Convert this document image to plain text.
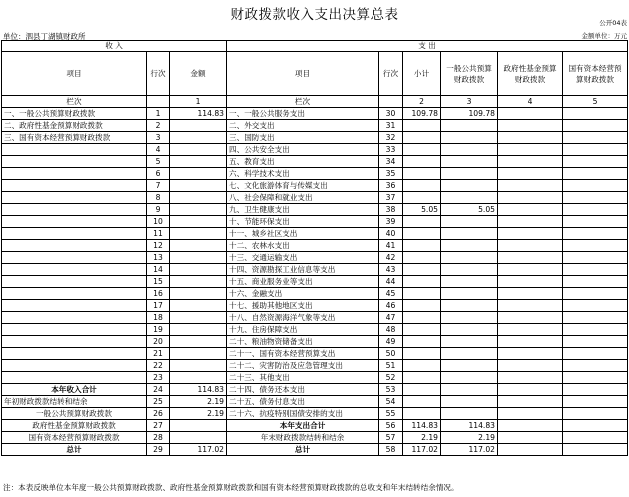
财政拨款收入支出决算总表	公开04表
单位：泗县丁湖镇财政所	金额单位：万元
收 入			支 出					
项目	行次	金额	项目	行次	小计	一般公共预算财政拨款	政府性基金预算财政拨款	国有资本经营预算财政拨款
栏次		1	栏次		2	3	4	5
一、一般公共预算财政拨款	1	114.83	一、一般公共服务支出	30	109.78	109.78		
二、政府性基金预算财政拨款	2		二、外交支出	31				
三、国有资本经营预算财政拨款	3		三、国防支出	32				
	4		四、公共安全支出	33				
	5		五、教育支出	34				
	6		六、科学技术支出	35				
	7		七、文化旅游体育与传媒支出	36				
	8		八、社会保障和就业支出	37				
	9		九、卫生健康支出	38	5.05	5.05		
	10		十、节能环保支出	39				
	11		十一、城乡社区支出	40				
	12		十二、农林水支出	41				
	13		十三、交通运输支出	42				
	14		十四、资源勘探工业信息等支出	43				
	15		十五、商业服务业等支出	44				
	16		十六、金融支出	45				
	17		十七、援助其他地区支出	46				
	18		十八、自然资源海洋气象等支出	47				
	19		十九、住房保障支出	48				
	20		二十、粮油物资储备支出	49				
	21		二十一、国有资本经营预算支出	50				
	22		二十二、灾害防治及应急管理支出	51				
	23		二十三、其他支出	52				
本年收入合计	24	114.83	二十四、债务还本支出	53				
年初财政拨款结转和结余	25	2.19	二十五、债务付息支出	54				
一般公共预算财政拨款	26	2.19	二十六、抗疫特别国债安排的支出	55				
政府性基金预算财政拨款	27		本年支出合计	56	114.83	114.83		
国有资本经营预算财政拨款	28		年末财政拨款结转和结余	57	2.19	2.19		
总计	29	117.02	总计	58	117.02	117.02		
注：本表反映单位本年度一般公共预算财政拨款、政府性基金预算财政拨款和国有资本经营预算财政拨款的总收支和年末结转结余情况。
